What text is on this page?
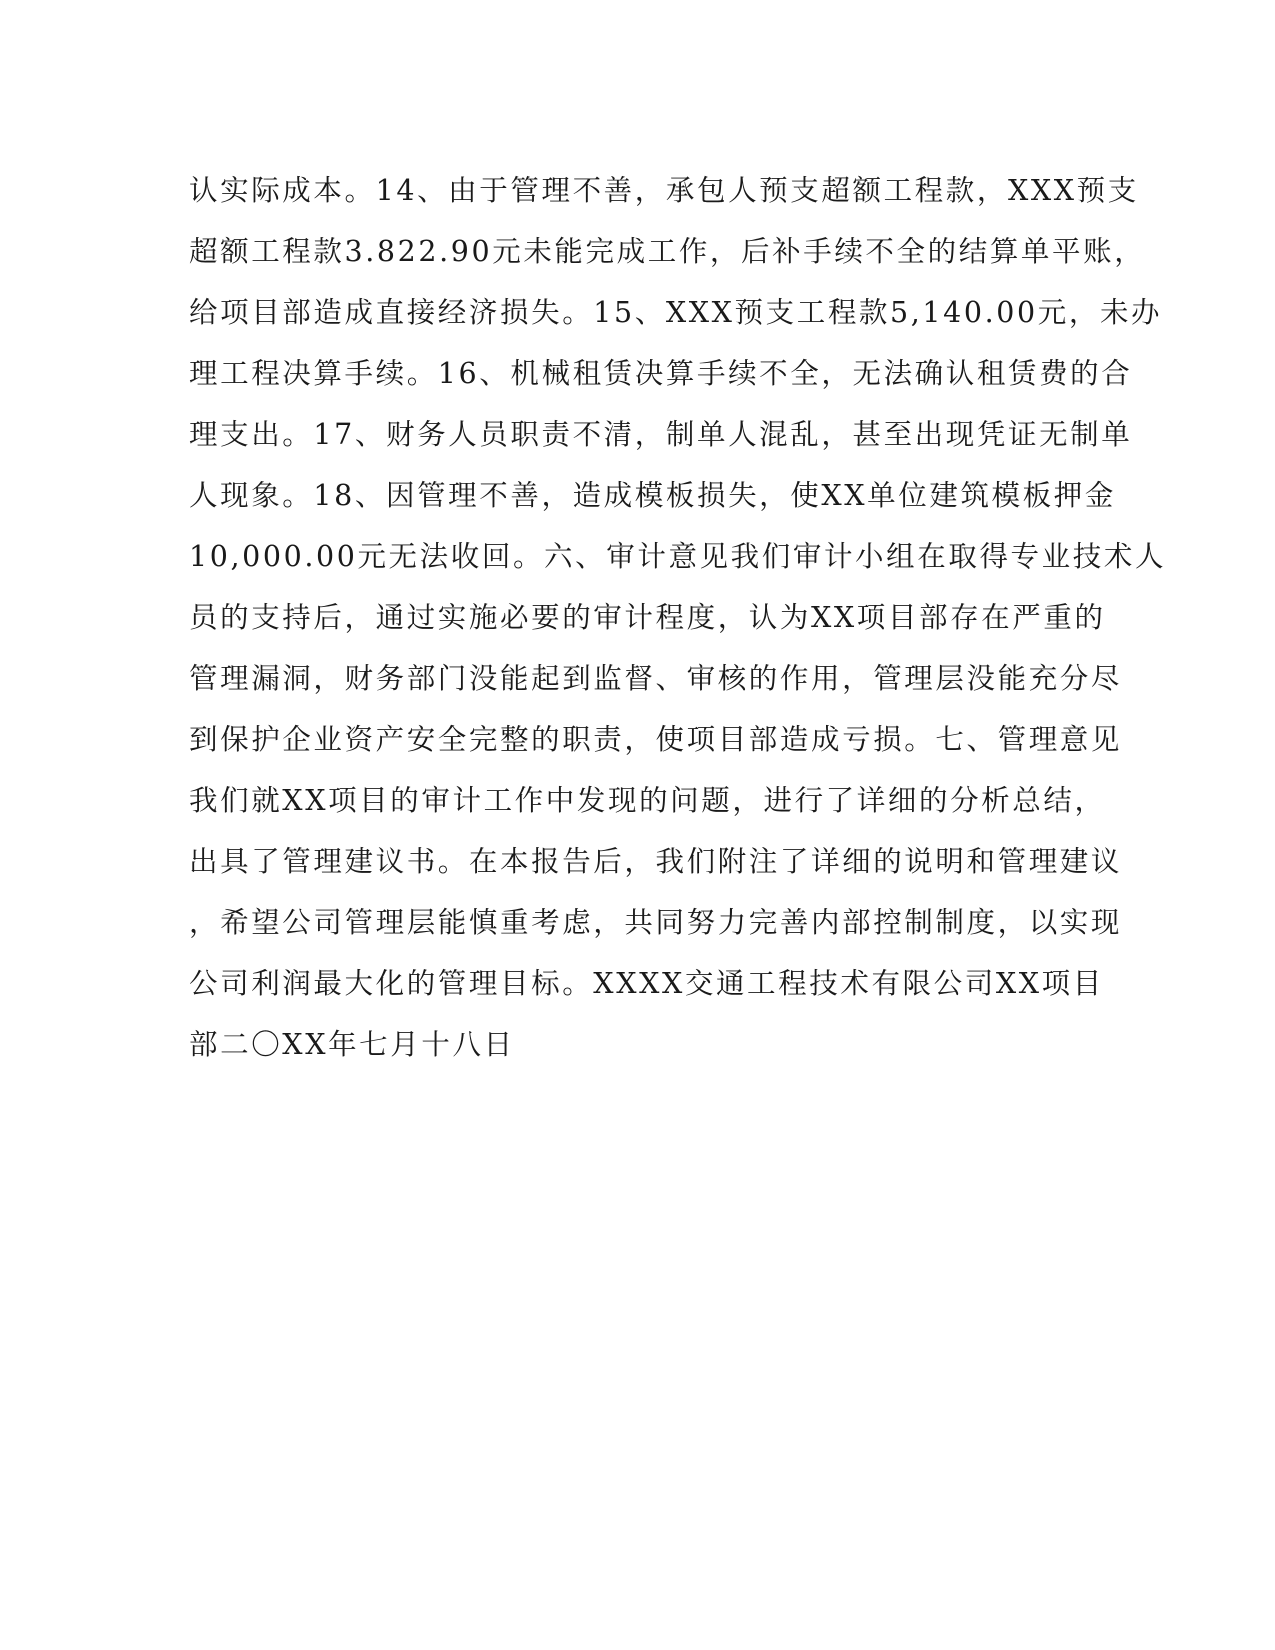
认实际成本。14、由于管理不善，承包人预支超额工程款，XXX预支
超额工程款3.822.90元未能完成工作，后补手续不全的结算单平账，
给项目部造成直接经济损失。15、XXX预支工程款5,140.00元，未办
理工程决算手续。16、机械租赁决算手续不全，无法确认租赁费的合
理支出。17、财务人员职责不清，制单人混乱，甚至出现凭证无制单
人现象。18、因管理不善，造成模板损失，使XX单位建筑模板押金
10,000.00元无法收回。六、审计意见我们审计小组在取得专业技术人
员的支持后，通过实施必要的审计程度，认为XX项目部存在严重的
管理漏洞，财务部门没能起到监督、审核的作用，管理层没能充分尽
到保护企业资产安全完整的职责，使项目部造成亏损。七、管理意见
我们就XX项目的审计工作中发现的问题，进行了详细的分析总结，
出具了管理建议书。在本报告后，我们附注了详细的说明和管理建议
，希望公司管理层能慎重考虑，共同努力完善内部控制制度，以实现
公司利润最大化的管理目标。XXXX交通工程技术有限公司XX项目
部二〇XX年七月十八日
